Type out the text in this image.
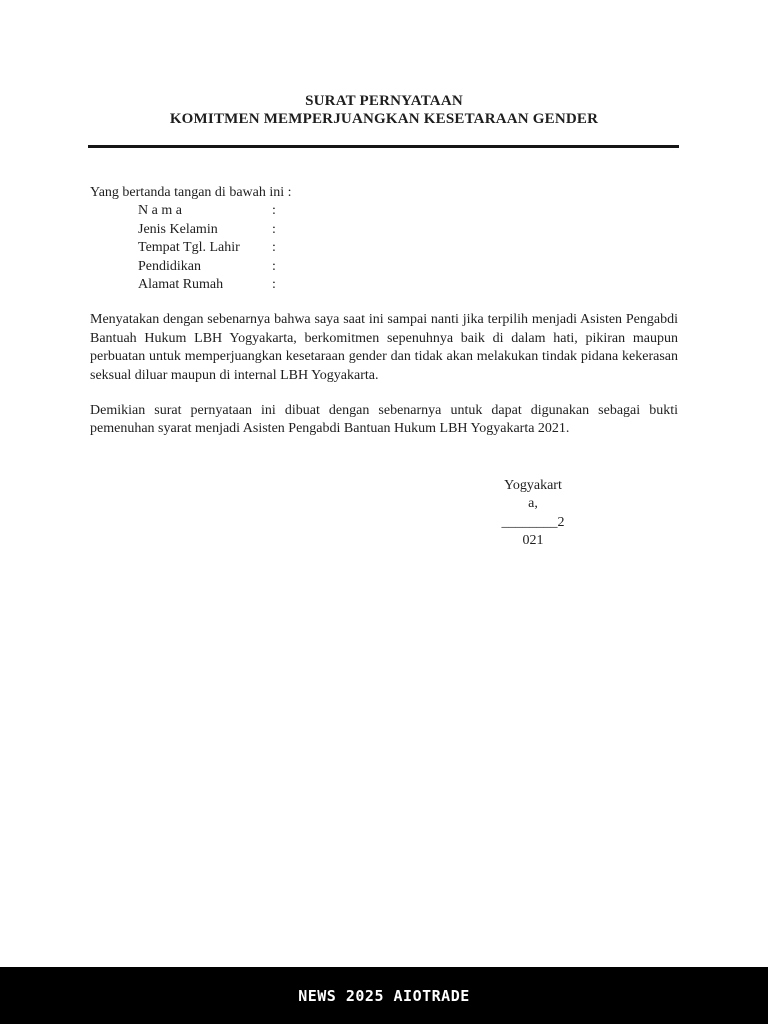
SURAT PERNYATAAN
KOMITMEN MEMPERJUANGKAN KESETARAAN GENDER
Yang bertanda tangan di bawah ini :
N a m a	:
Jenis Kelamin	:
Tempat Tgl. Lahir :
Pendidikan	:
Alamat Rumah	:

Menyatakan dengan sebenarnya bahwa saya saat ini sampai nanti jika terpilih menjadi Asisten Pengabdi Bantuah Hukum LBH Yogyakarta, berkomitmen sepenuhnya baik di dalam hati, pikiran maupun perbuatan untuk memperjuangkan kesetaraan gender dan tidak akan melakukan tindak pidana kekerasan seksual diluar maupun di internal LBH Yogyakarta.

Demikian surat pernyataan ini dibuat dengan sebenarnya untuk dapat digunakan sebagai bukti pemenuhan syarat menjadi Asisten Pengabdi Bantuan Hukum LBH Yogyakarta 2021.

Yogyakart
a,
________2
021
NEWS 2025 AIOTRADE
